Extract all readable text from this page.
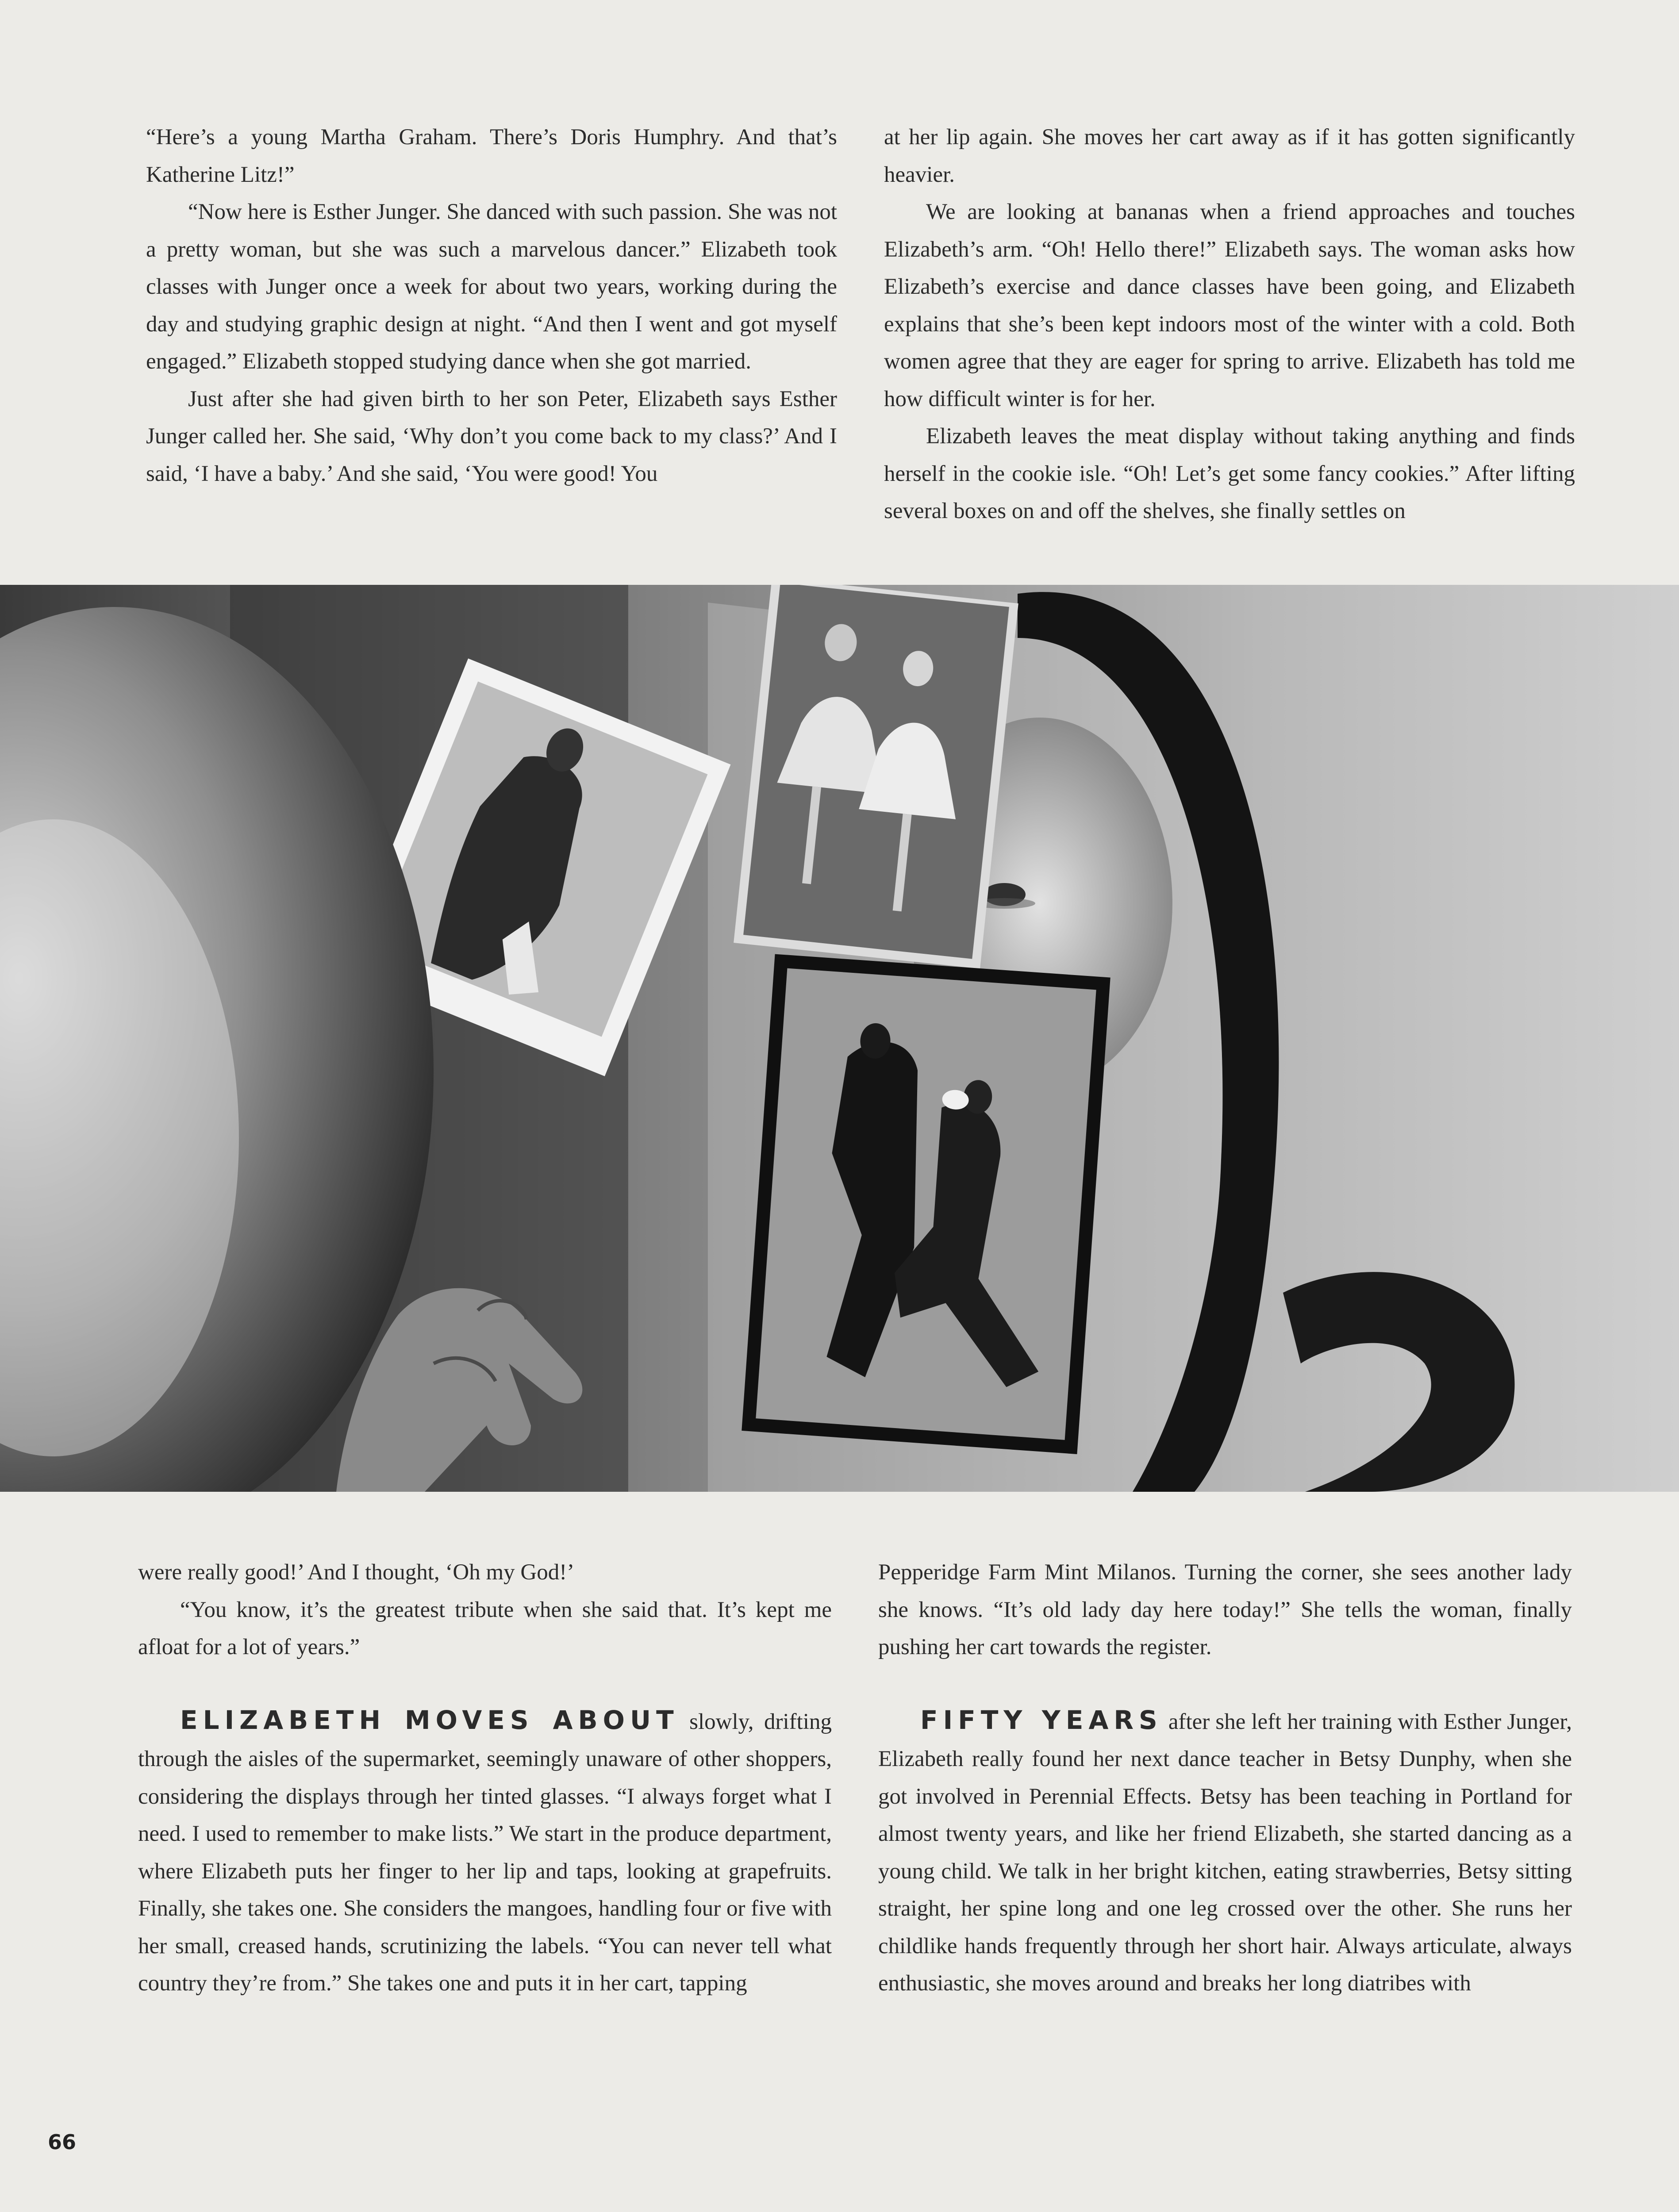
“Here’s a young Martha Graham. There’s Doris Humphry. And that’s Katherine Litz!”

“Now here is Esther Junger. She danced with such passion. She was not a pretty woman, but she was such a marvelous dancer.” Elizabeth took classes with Junger once a week for about two years, working during the day and studying graphic design at night. “And then I went and got myself engaged.” Elizabeth stopped studying dance when she got married.

Just after she had given birth to her son Peter, Elizabeth says Esther Junger called her. She said, ‘Why don’t you come back to my class?’ And I said, ‘I have a baby.’ And she said, ‘You were good! You

at her lip again. She moves her cart away as if it has gotten significantly heavier.

We are looking at bananas when a friend approaches and touches Elizabeth’s arm. “Oh! Hello there!” Elizabeth says. The woman asks how Elizabeth’s exercise and dance classes have been going, and Elizabeth explains that she’s been kept indoors most of the winter with a cold. Both women agree that they are eager for spring to arrive. Elizabeth has told me how difficult winter is for her.

Elizabeth leaves the meat display without taking anything and finds herself in the cookie isle. “Oh! Let’s get some fancy cookies.” After lifting several boxes on and off the shelves, she finally settles on

were really good!’ And I thought, ‘Oh my God!’

“You know, it’s the greatest tribute when she said that. It’s kept me afloat for a lot of years.”

ELIZABETH MOVES ABOUT slowly, drifting through the aisles of the supermarket, seemingly unaware of other shoppers, considering the displays through her tinted glasses. “I always forget what I need. I used to remember to make lists.” We start in the produce department, where Elizabeth puts her finger to her lip and taps, looking at grapefruits. Finally, she takes one. She considers the mangoes, handling four or five with her small, creased hands, scrutinizing the labels. “You can never tell what country they’re from.” She takes one and puts it in her cart, tapping

Pepperidge Farm Mint Milanos. Turning the corner, she sees another lady she knows. “It’s old lady day here today!” She tells the woman, finally pushing her cart towards the register.

FIFTY YEARS after she left her training with Esther Junger, Elizabeth really found her next dance teacher in Betsy Dunphy, when she got involved in Perennial Effects. Betsy has been teaching in Portland for almost twenty years, and like her friend Elizabeth, she started dancing as a young child. We talk in her bright kitchen, eating strawberries, Betsy sitting straight, her spine long and one leg crossed over the other. She runs her childlike hands frequently through her short hair. Always articulate, always enthusiastic, she moves around and breaks her long diatribes with

66
